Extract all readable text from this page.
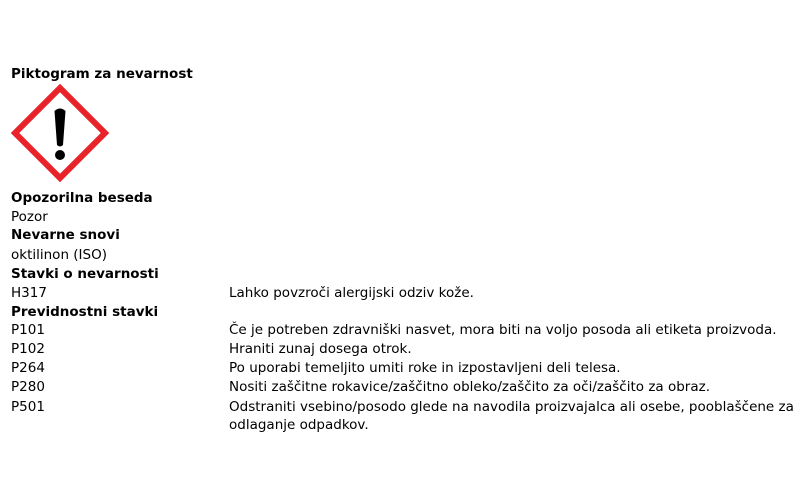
Piktogram za nevarnost
Opozorilna beseda
Pozor
Nevarne snovi
oktilinon (ISO)
Stavki o nevarnosti
H317	Lahko povzroči alergijski odziv kože.
Previdnostni stavki
P101	Če je potreben zdravniški nasvet, mora biti na voljo posoda ali etiketa proizvoda.
P102	Hraniti zunaj dosega otrok.
P264	Po uporabi temeljito umiti roke in izpostavljeni deli telesa.
P280	Nositi zaščitne rokavice/zaščitno obleko/zaščito za oči/zaščito za obraz.
P501	Odstraniti vsebino/posodo glede na navodila proizvajalca ali osebe, pooblaščene za odlaganje odpadkov.
